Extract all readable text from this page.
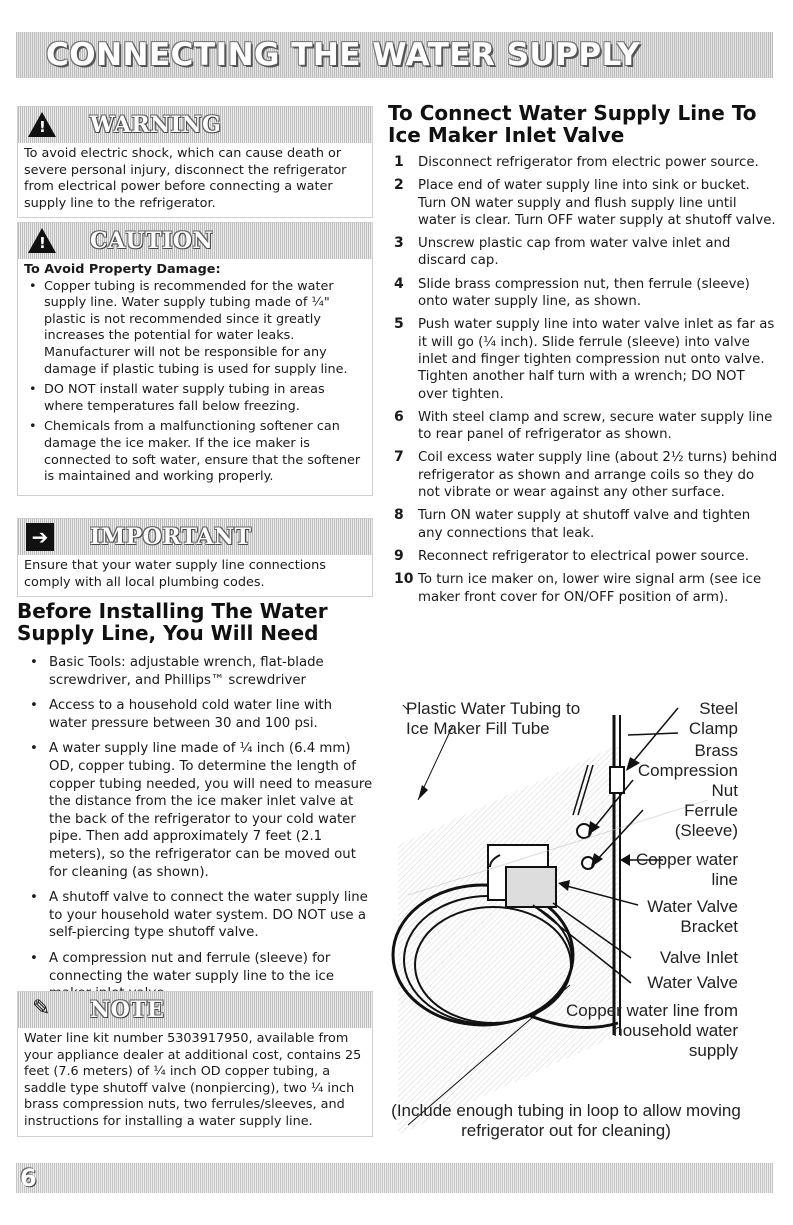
CONNECTING THE WATER SUPPLY
! WARNING
To avoid electric shock, which can cause death or severe personal injury, disconnect the refrigerator from electrical power before connecting a water supply line to the refrigerator.
! CAUTION
To Avoid Property Damage:
• Copper tubing is recommended for the water supply line. Water supply tubing made of ¼" plastic is not recommended since it greatly increases the potential for water leaks. Manufacturer will not be responsible for any damage if plastic tubing is used for supply line.
• DO NOT install water supply tubing in areas where temperatures fall below freezing.
• Chemicals from a malfunctioning softener can damage the ice maker. If the ice maker is connected to soft water, ensure that the softener is maintained and working properly.
➔ IMPORTANT
Ensure that your water supply line connections comply with all local plumbing codes.
Before Installing The Water Supply Line, You Will Need
• Basic Tools: adjustable wrench, flat-blade screwdriver, and Phillips™ screwdriver
• Access to a household cold water line with water pressure between 30 and 100 psi.
• A water supply line made of ¼ inch (6.4 mm) OD, copper tubing. To determine the length of copper tubing needed, you will need to measure the distance from the ice maker inlet valve at the back of the refrigerator to your cold water pipe. Then add approximately 7 feet (2.1 meters), so the refrigerator can be moved out for cleaning (as shown).
• A shutoff valve to connect the water supply line to your household water system. DO NOT use a self-piercing type shutoff valve.
• A compression nut and ferrule (sleeve) for connecting the water supply line to the ice
✎ NOTE
Water line kit number 5303917950, available from your appliance dealer at additional cost, contains 25 feet (7.6 meters) of ¼ inch OD copper tubing, a saddle type shutoff valve (nonpiercing), two ¼ inch brass compression nuts, two ferrules/sleeves, and instructions for installing a water supply line.
To Connect Water Supply Line To Ice Maker Inlet Valve
1 Disconnect refrigerator from electric power source.
2 Place end of water supply line into sink or bucket. Turn ON water supply and flush supply line until water is clear. Turn OFF water supply at shutoff valve.
3 Unscrew plastic cap from water valve inlet and discard cap.
4 Slide brass compression nut, then ferrule (sleeve) onto water supply line, as shown.
5 Push water supply line into water valve inlet as far as it will go (¼ inch). Slide ferrule (sleeve) into valve inlet and finger tighten compression nut onto valve. Tighten another half turn with a wrench; DO NOT over tighten.
6 With steel clamp and screw, secure water supply line to rear panel of refrigerator as shown.
7 Coil excess water supply line (about 2½ turns) behind refrigerator as shown and arrange coils so they do not vibrate or wear against any other surface.
8 Turn ON water supply at shutoff valve and tighten any connections that leak.
9 Reconnect refrigerator to electrical power source.
10 To turn ice maker on, lower wire signal arm (see ice maker front cover for ON/OFF position of arm).
Plastic Water Tubing to Ice Maker Fill Tube
Steel Clamp
Brass Compression Nut
Ferrule (Sleeve)
Copper water line
Water Valve Bracket
Valve Inlet
Water Valve
Copper water line from household water supply
(Include enough tubing in loop to allow moving refrigerator out for cleaning)
6
